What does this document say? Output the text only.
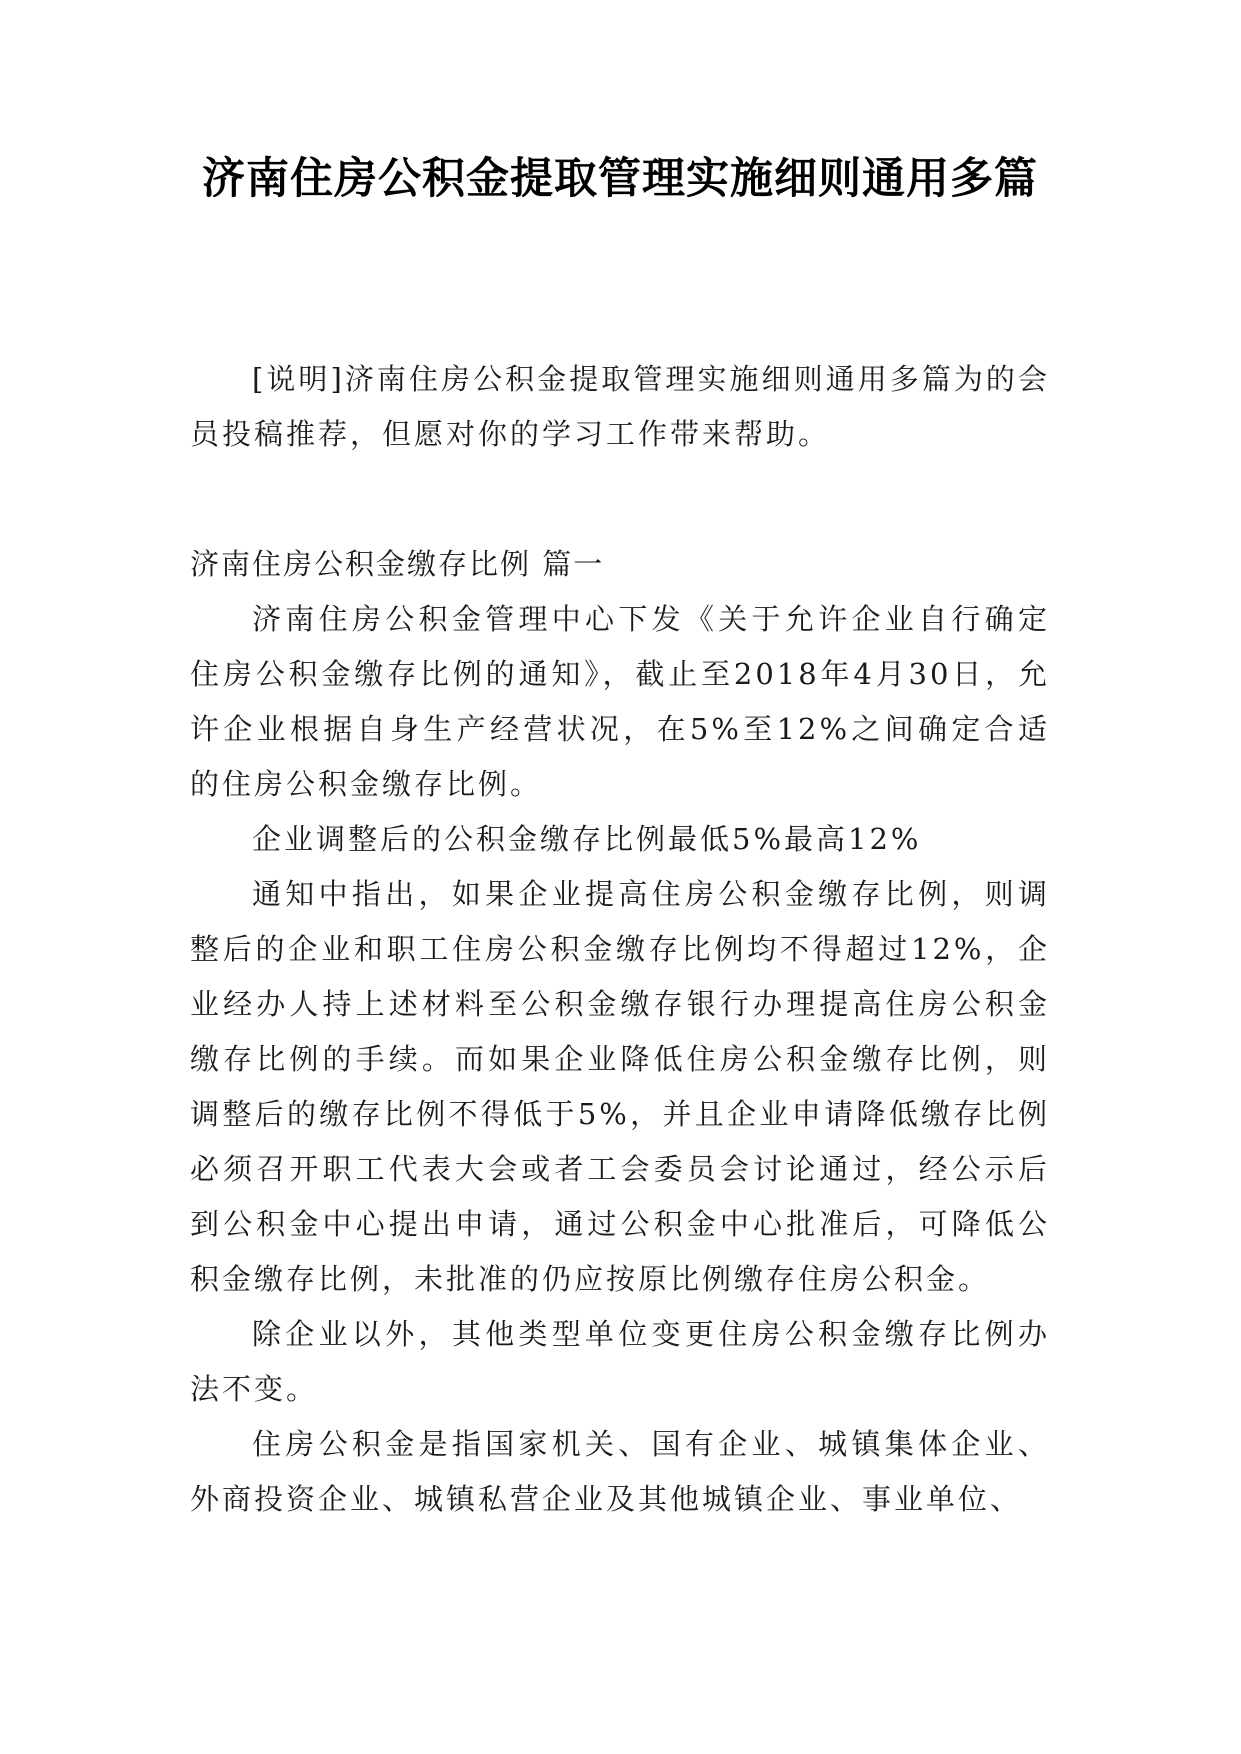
济南住房公积金提取管理实施细则通用多篇

[说明]济南住房公积金提取管理实施细则通用多篇为的会员投稿推荐，但愿对你的学习工作带来帮助。

济南住房公积金缴存比例 篇一

济南住房公积金管理中心下发《关于允许企业自行确定住房公积金缴存比例的通知》，截止至2018年4月30日，允许企业根据自身生产经营状况，在5%至12%之间确定合适的住房公积金缴存比例。

企业调整后的公积金缴存比例最低5%最高12%

通知中指出，如果企业提高住房公积金缴存比例，则调整后的企业和职工住房公积金缴存比例均不得超过12%，企业经办人持上述材料至公积金缴存银行办理提高住房公积金缴存比例的手续。而如果企业降低住房公积金缴存比例，则调整后的缴存比例不得低于5%，并且企业申请降低缴存比例必须召开职工代表大会或者工会委员会讨论通过，经公示后到公积金中心提出申请，通过公积金中心批准后，可降低公积金缴存比例，未批准的仍应按原比例缴存住房公积金。

除企业以外，其他类型单位变更住房公积金缴存比例办法不变。

住房公积金是指国家机关、国有企业、城镇集体企业、外商投资企业、城镇私营企业及其他城镇企业、事业单位、
